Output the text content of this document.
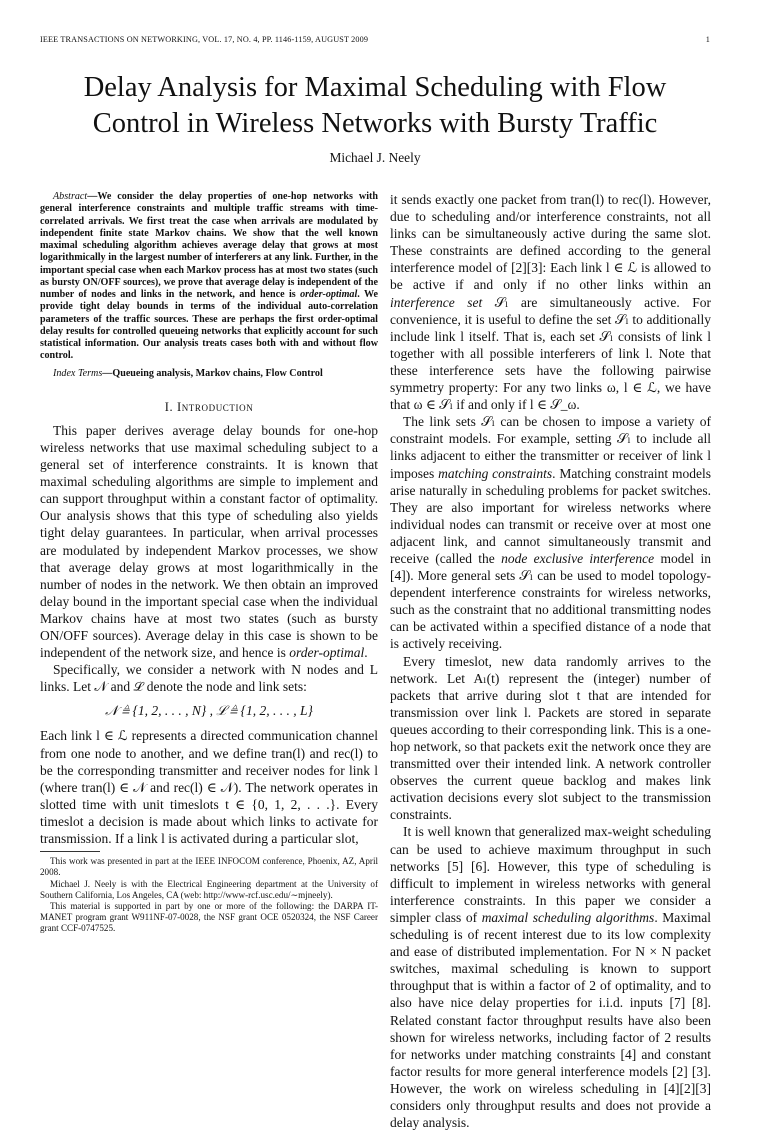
IEEE TRANSACTIONS ON NETWORKING, VOL. 17, NO. 4, PP. 1146-1159, AUGUST 2009	1
Delay Analysis for Maximal Scheduling with Flow
Control in Wireless Networks with Bursty Traffic
Michael J. Neely

Abstract—We consider the delay properties of one-hop networks with general interference constraints and multiple traffic streams with time-correlated arrivals. We first treat the case when arrivals are modulated by independent finite state Markov chains. We show that the well known maximal scheduling algorithm achieves average delay that grows at most logarithmically in the largest number of interferers at any link. Further, in the important special case when each Markov process has at most two states (such as bursty ON/OFF sources), we prove that average delay is independent of the number of nodes and links in the network, and hence is order-optimal. We provide tight delay bounds in terms of the individual auto-correlation parameters of the traffic sources. These are perhaps the first order-optimal delay results for controlled queueing networks that explicitly account for such statistical information. Our analysis treats cases both with and without flow control.

Index Terms—Queueing analysis, Markov chains, Flow Control

I. Introduction

This paper derives average delay bounds for one-hop wireless networks that use maximal scheduling subject to a general set of interference constraints. It is known that maximal scheduling algorithms are simple to implement and can support throughput within a constant factor of optimality. Our analysis shows that this type of scheduling also yields tight delay guarantees. In particular, when arrival processes are modulated by independent Markov processes, we show that average delay grows at most logarithmically in the number of nodes in the network. We then obtain an improved delay bound in the important special case when the individual Markov chains have at most two states (such as bursty ON/OFF sources). Average delay in this case is shown to be independent of the network size, and hence is order-optimal.

Specifically, we consider a network with N nodes and L links. Let 𝒩 and ℒ denote the node and link sets:

𝒩 ≜ {1, 2, . . . , N} , ℒ ≜ {1, 2, . . . , L}

Each link l ∈ ℒ represents a directed communication channel from one node to another, and we define tran(l) and rec(l) to be the corresponding transmitter and receiver nodes for link l (where tran(l) ∈ 𝒩 and rec(l) ∈ 𝒩). The network operates in slotted time with unit timeslots t ∈ {0, 1, 2, . . .}. Every timeslot a decision is made about which links to activate for transmission. If a link l is activated during a particular slot,

This work was presented in part at the IEEE INFOCOM conference, Phoenix, AZ, April 2008.

Michael J. Neely is with the Electrical Engineering department at the University of Southern California, Los Angeles, CA (web: http://www-rcf.usc.edu/∼mjneely).

This material is supported in part by one or more of the following: the DARPA IT-MANET program grant W911NF-07-0028, the NSF grant OCE 0520324, the NSF Career grant CCF-0747525.

it sends exactly one packet from tran(l) to rec(l). However, due to scheduling and/or interference constraints, not all links can be simultaneously active during the same slot. These constraints are defined according to the general interference model of [2][3]: Each link l ∈ ℒ is allowed to be active if and only if no other links within an interference set 𝒮ₗ are simultaneously active. For convenience, it is useful to define the set 𝒮ₗ to additionally include link l itself. That is, each set 𝒮ₗ consists of link l together with all possible interferers of link l. Note that these interference sets have the following pairwise symmetry property: For any two links ω, l ∈ ℒ, we have that ω ∈ 𝒮ₗ if and only if l ∈ 𝒮_ω.

The link sets 𝒮ₗ can be chosen to impose a variety of constraint models. For example, setting 𝒮ₗ to include all links adjacent to either the transmitter or receiver of link l imposes matching constraints. Matching constraint models arise naturally in scheduling problems for packet switches. They are also important for wireless networks where individual nodes can transmit or receive over at most one adjacent link, and cannot simultaneously transmit and receive (called the node exclusive interference model in [4]). More general sets 𝒮ₗ can be used to model topology-dependent interference constraints for wireless networks, such as the constraint that no additional transmitting nodes can be activated within a specified distance of a node that is actively receiving.

Every timeslot, new data randomly arrives to the network. Let Aₗ(t) represent the (integer) number of packets that arrive during slot t that are intended for transmission over link l. Packets are stored in separate queues according to their corresponding link. This is a one-hop network, so that packets exit the network once they are transmitted over their intended link. A network controller observes the current queue backlog and makes link activation decisions every slot subject to the transmission constraints.

It is well known that generalized max-weight scheduling can be used to achieve maximum throughput in such networks [5] [6]. However, this type of scheduling is difficult to implement in wireless networks with general interference constraints. In this paper we consider a simpler class of maximal scheduling algorithms. Maximal scheduling is of recent interest due to its low complexity and ease of distributed implementation. For N × N packet switches, maximal scheduling is known to support throughput that is within a factor of 2 of optimality, and to also have nice delay properties for i.i.d. inputs [7] [8]. Related constant factor throughput results have also been shown for wireless networks, including factor of 2 results for networks under matching constraints [4] and constant factor results for more general interference models [2] [3]. However, the work on wireless scheduling in [4][2][3] considers only throughput results and does not provide a delay analysis.
